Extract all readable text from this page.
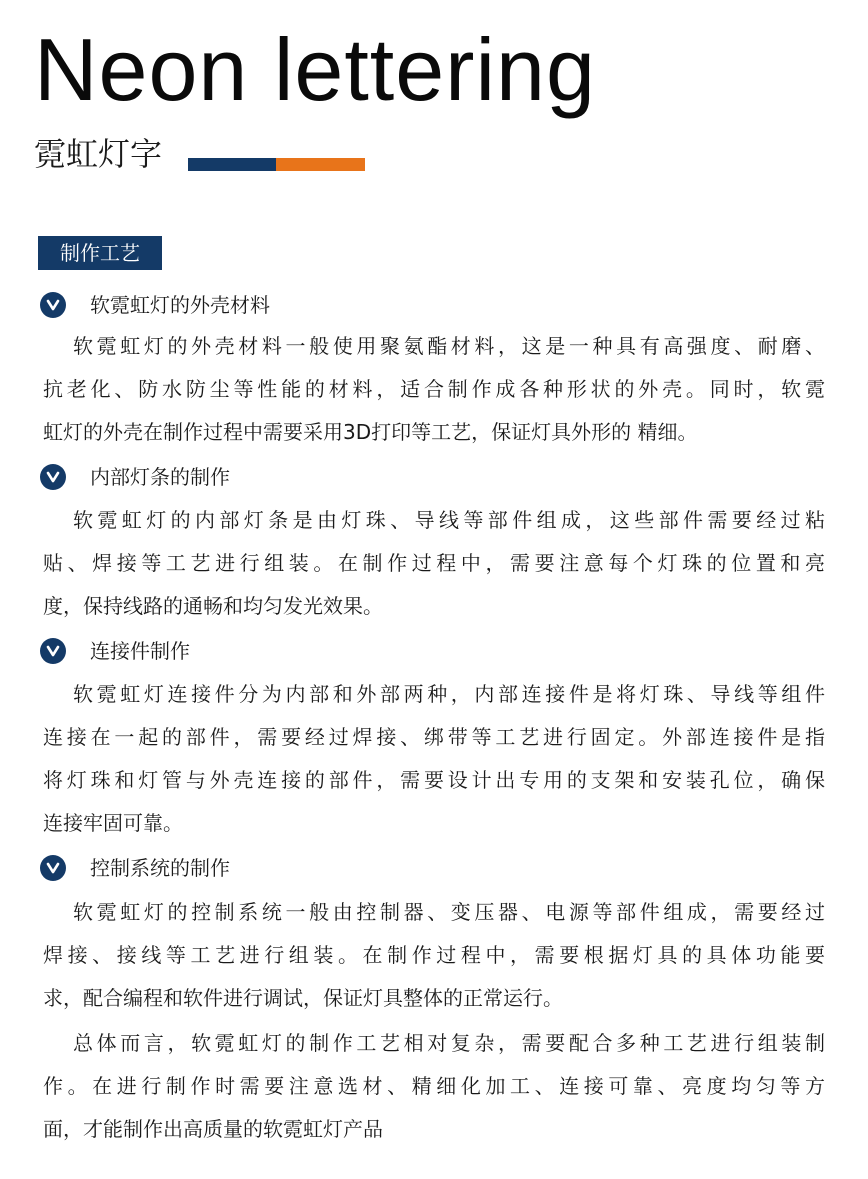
Neon lettering
霓虹灯字
制作工艺
软霓虹灯的外壳材料
软霓虹灯的外壳材料一般使用聚氨酯材料，这是一种具有高强度、耐磨、
抗老化、防水防尘等性能的材料，适合制作成各种形状的外壳。同时，软霓
虹灯的外壳在制作过程中需要采用3D打印等工艺，保证灯具外形的 精细。
内部灯条的制作
软霓虹灯的内部灯条是由灯珠、导线等部件组成，这些部件需要经过粘
贴、焊接等工艺进行组装。在制作过程中，需要注意每个灯珠的位置和亮
度，保持线路的通畅和均匀发光效果。
连接件制作
软霓虹灯连接件分为内部和外部两种，内部连接件是将灯珠、导线等组件
连接在一起的部件，需要经过焊接、绑带等工艺进行固定。外部连接件是指
将灯珠和灯管与外壳连接的部件，需要设计出专用的支架和安装孔位，确保
连接牢固可靠。
控制系统的制作
软霓虹灯的控制系统一般由控制器、变压器、电源等部件组成，需要经过
焊接、接线等工艺进行组装。在制作过程中，需要根据灯具的具体功能要
求，配合编程和软件进行调试，保证灯具整体的正常运行。
总体而言，软霓虹灯的制作工艺相对复杂，需要配合多种工艺进行组装制
作。在进行制作时需要注意选材、精细化加工、连接可靠、亮度均匀等方
面，才能制作出高质量的软霓虹灯产品
